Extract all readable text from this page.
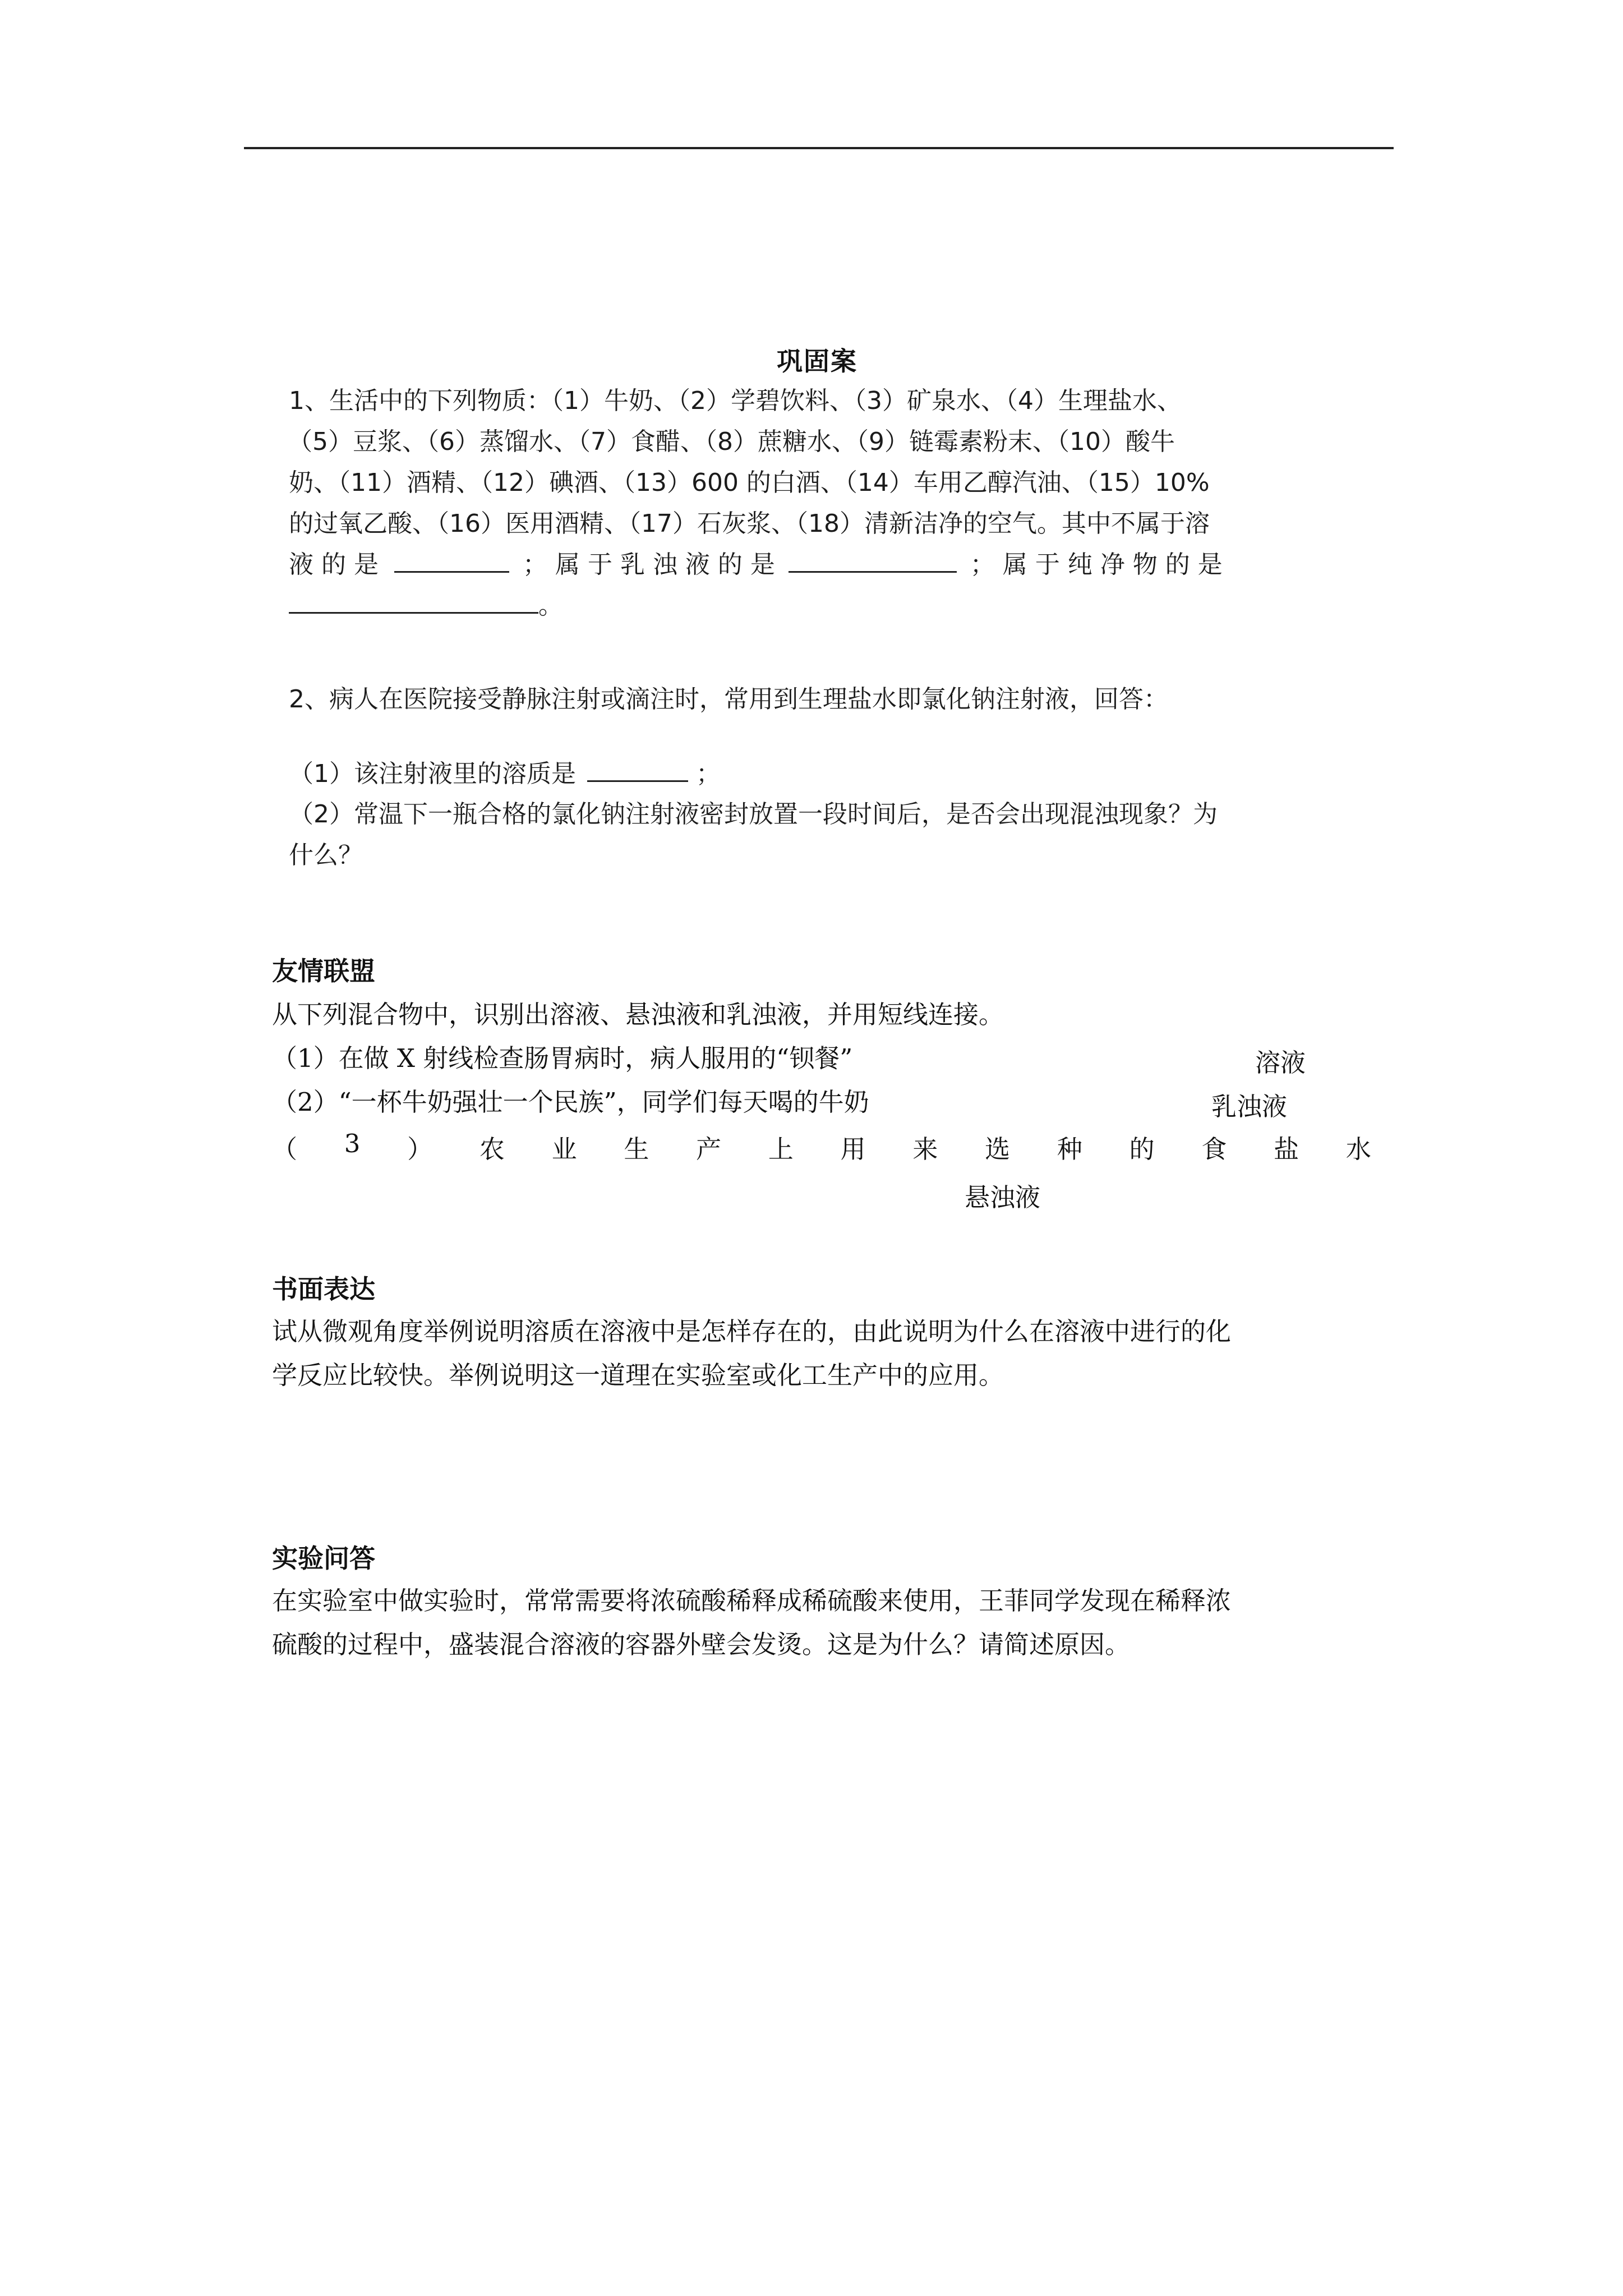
巩固案
1、生活中的下列物质：（1）牛奶、（2）学碧饮料、（3）矿泉水、（4）生理盐水、
（5）豆浆、（6）蒸馏水、（7）食醋、（8）蔗糖水、（9）链霉素粉末、（10）酸牛
奶、（11）酒精、（12）碘酒、（13）600 的白酒、（14）车用乙醇汽油、（15）10%
的过氧乙酸、（16）医用酒精、（17）石灰浆、（18）清新洁净的空气。其中不属于溶
液 的 是	； 属 于 乳 浊 液 的 是	； 属 于 纯 净 物 的 是
。
2、病人在医院接受静脉注射或滴注时，常用到生理盐水即氯化钠注射液，回答：
（1）该注射液里的溶质是	；
（2）常温下一瓶合格的氯化钠注射液密封放置一段时间后，是否会出现混浊现象？为
什么？
友情联盟
从下列混合物中，识别出溶液、悬浊液和乳浊液，并用短线连接。
（1）在做 X 射线检查肠胃病时，病人服用的“钡餐”	溶液
（2）“一杯牛奶强壮一个民族”，同学们每天喝的牛奶	乳浊液
（ 3 ） 农 业 生 产 上 用 来 选 种 的 食 盐 水
悬浊液
书面表达
试从微观角度举例说明溶质在溶液中是怎样存在的，由此说明为什么在溶液中进行的化
学反应比较快。举例说明这一道理在实验室或化工生产中的应用。
实验问答
在实验室中做实验时，常常需要将浓硫酸稀释成稀硫酸来使用，王菲同学发现在稀释浓
硫酸的过程中，盛装混合溶液的容器外壁会发烫。这是为什么？请简述原因。
